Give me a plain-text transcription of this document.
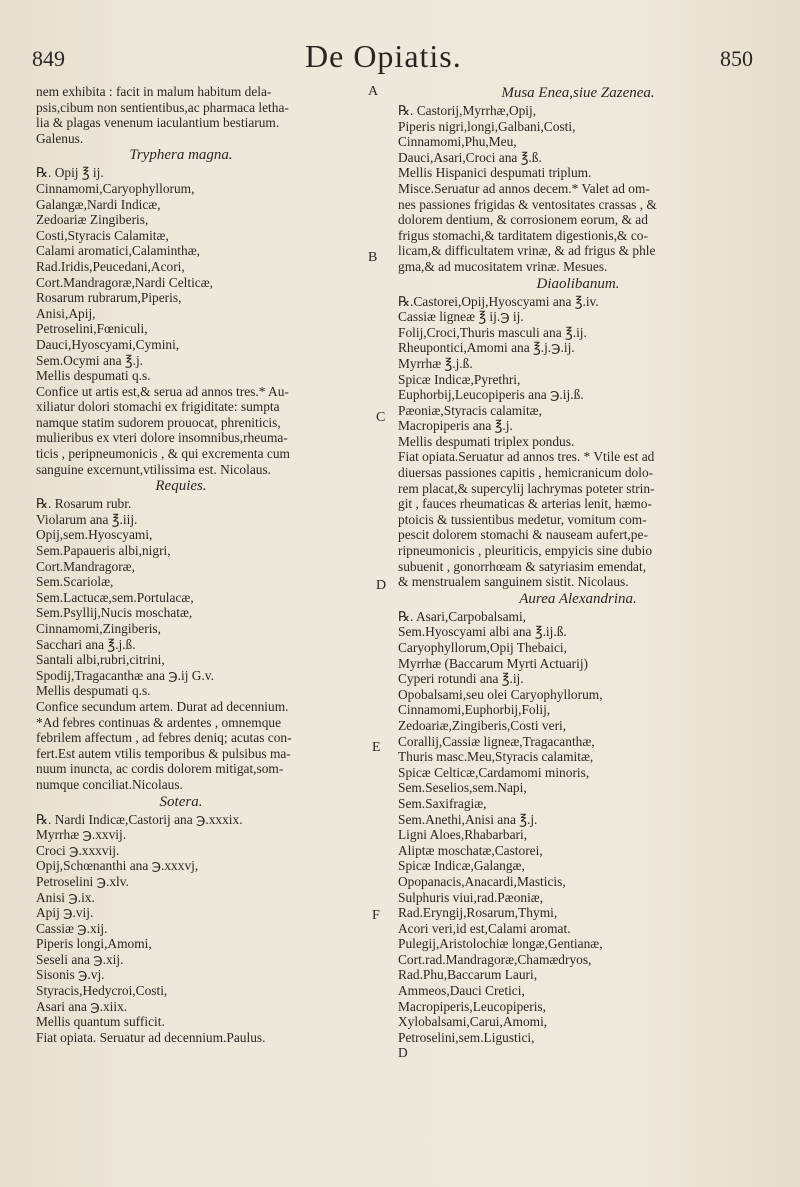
849	De Opiatis.	850
A
B
C
D
E
F
nem exhibita : facit in malum habitum dela-
psis,cibum non sentientibus,ac pharmaca letha-
lia & plagas venenum iaculantium bestiarum.
Galenus.
Tryphera magna.
℞. Opij ℥ ij.
Cinnamomi,Caryophyllorum,
Galangæ,Nardi Indicæ,
Zedoariæ Zingiberis,
Costi,Styracis Calamitæ,
Calami aromatici,Calaminthæ,
Rad.Iridis,Peucedani,Acori,
Cort.Mandragoræ,Nardi Celticæ,
Rosarum rubrarum,Piperis,
Anisi,Apij,
Petroselini,Fœniculi,
Dauci,Hyoscyami,Cymini,
Sem.Ocymi ana ℥.j.
Mellis despumati q.s.
Confice ut artis est,& serua ad annos tres.* Au-
xiliatur dolori stomachi ex frigiditate: sumpta
namque statim sudorem prouocat, phreniticis,
mulieribus ex vteri dolore insomnibus,rheuma-
ticis , peripneumonicis , & qui excrementa cum
sanguine excernunt,vtilissima est. Nicolaus.
Requies.
℞. Rosarum rubr.
Violarum ana ℥.iij.
Opij,sem.Hyoscyami,
Sem.Papaueris albi,nigri,
Cort.Mandragoræ,
Sem.Scariolæ,
Sem.Lactucæ,sem.Portulacæ,
Sem.Psyllij,Nucis moschatæ,
Cinnamomi,Zingiberis,
Sacchari ana ℥.j.ß.
Santali albi,rubri,citrini,
Spodij,Tragacanthæ ana ℈.ij G.v.
Mellis despumati q.s.
Confice secundum artem. Durat ad decennium.
*Ad febres continuas & ardentes , omnemque
febrilem affectum , ad febres deniq; acutas con-
fert.Est autem vtilis temporibus & pulsibus ma-
nuum inuncta, ac cordis dolorem mitigat,som-
numque conciliat.Nicolaus.
Sotera.
℞. Nardi Indicæ,Castorij ana ℈.xxxix.
Myrrhæ ℈.xxvij.
Croci ℈.xxxvij.
Opij,Schœnanthi ana ℈.xxxvj,
Petroselini ℈.xlv.
Anisi ℈.ix.
Apij ℈.vij.
Cassiæ ℈.xij.
Piperis longi,Amomi,
Seseli ana ℈.xij.
Sisonis ℈.vj.
Styracis,Hedycroi,Costi,
Asari ana ℈.xiix.
Mellis quantum sufficit.
Fiat opiata. Seruatur ad decennium.Paulus.
Musa Enea,siue Zazenea.
℞. Castorij,Myrrhæ,Opij,
Piperis nigri,longi,Galbani,Costi,
Cinnamomi,Phu,Meu,
Dauci,Asari,Croci ana ℥.ß.
Mellis Hispanici despumati triplum.
Misce.Seruatur ad annos decem.* Valet ad om-
nes passiones frigidas & ventositates crassas , &
dolorem dentium, & corrosionem eorum, & ad
frigus stomachi,& tarditatem digestionis,& co-
licam,& difficultatem vrinæ, & ad frigus & phle
gma,& ad mucositatem vrinæ. Mesues.
Diaolibanum.
℞.Castorei,Opij,Hyoscyami ana ℥.iv.
Cassiæ ligneæ ℥ ij.℈ ij.
Folij,Croci,Thuris masculi ana ℥.ij.
Rheupontici,Amomi ana ℥.j.℈.ij.
Myrrhæ ℥.j.ß.
Spicæ Indicæ,Pyrethri,
Euphorbij,Leucopiperis ana ℈.ij.ß.
Pæoniæ,Styracis calamitæ,
Macropiperis ana ℥.j.
Mellis despumati triplex pondus.
Fiat opiata.Seruatur ad annos tres. * Vtile est ad
diuersas passiones capitis , hemicranicum dolo-
rem placat,& supercylij lachrymas poteter strin-
git , fauces rheumaticas & arterias lenit, hæmo-
ptoicis & tussientibus medetur, vomitum com-
pescit dolorem stomachi & nauseam aufert,pe-
ripneumonicis , pleuriticis, empyicis sine dubio
subuenit , gonorrhœam & satyriasim emendat,
& menstrualem sanguinem sistit. Nicolaus.
Aurea Alexandrina.
℞. Asari,Carpobalsami,
Sem.Hyoscyami albi ana ℥.ij.ß.
Caryophyllorum,Opij Thebaici,
Myrrhæ (Baccarum Myrti Actuarij)
Cyperi rotundi ana ℥.ij.
Opobalsami,seu olei Caryophyllorum,
Cinnamomi,Euphorbij,Folij,
Zedoariæ,Zingiberis,Costi veri,
Corallij,Cassiæ ligneæ,Tragacanthæ,
Thuris masc.Meu,Styracis calamitæ,
Spicæ Celticæ,Cardamomi minoris,
Sem.Seselios,sem.Napi,
Sem.Saxifragiæ,
Sem.Anethi,Anisi ana ℥.j.
Ligni Aloes,Rhabarbari,
Aliptæ moschatæ,Castorei,
Spicæ Indicæ,Galangæ,
Opopanacis,Anacardi,Masticis,
Sulphuris viui,rad.Pæoniæ,
Rad.Eryngij,Rosarum,Thymi,
Acori veri,id est,Calami aromat.
Pulegij,Aristolochiæ longæ,Gentianæ,
Cort.rad.Mandragoræ,Chamædryos,
Rad.Phu,Baccarum Lauri,
Ammeos,Dauci Cretici,
Macropiperis,Leucopiperis,
Xylobalsami,Carui,Amomi,
Petroselini,sem.Ligustici,
D
